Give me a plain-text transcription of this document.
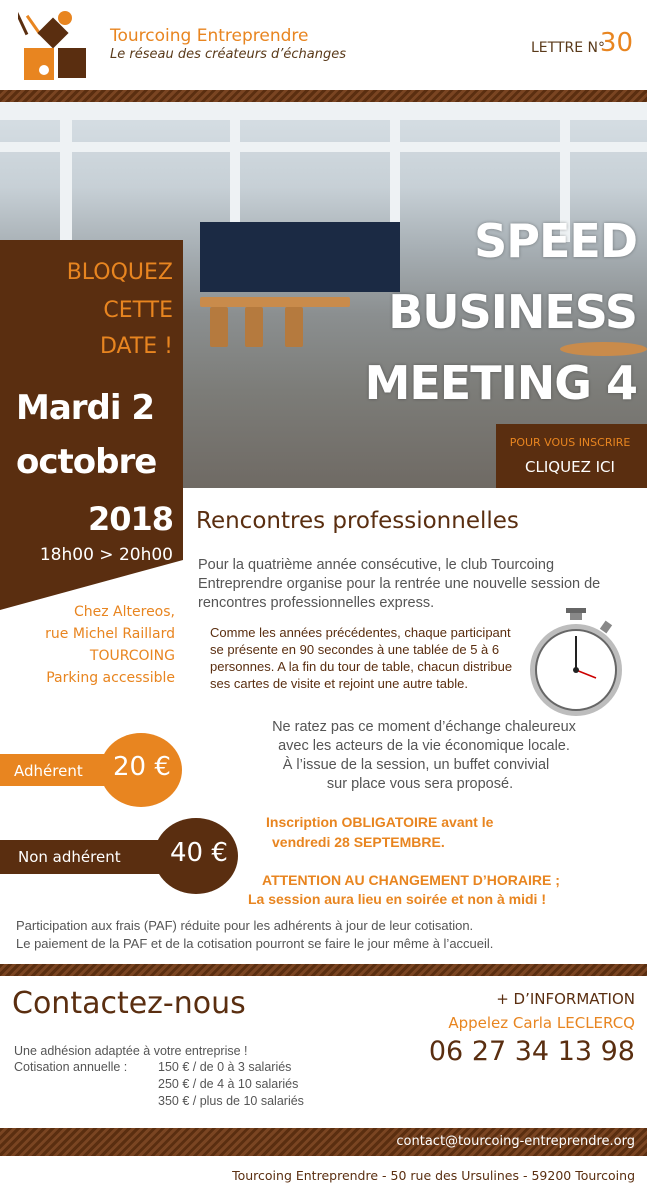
Tourcoing Entreprendre
Le réseau des créateurs d’échanges	LETTRE N°
30
SPEED
BUSINESS
MEETING 4
POUR VOUS INSCRIRE
CLIQUEZ ICI
BLOQUEZ
CETTE
DATE !
Mardi 2
octobre
2018
18h00 > 20h00
Chez Altereos,
rue Michel Raillard
TOURCOING
Parking accessible
Adhérent 20 €
Non adhérent 40 €
Rencontres professionnelles
Pour la quatrième année consécutive, le club Tourcoing Entreprendre organise pour la rentrée une nouvelle session de rencontres professionnelles express.
Comme les années précédentes, chaque participant se présente en 90 secondes à une tablée de 5 à 6 personnes. A la fin du tour de table, chacun distribue ses cartes de visite et rejoint une autre table.
Ne ratez pas ce moment d’échange chaleureux
avec les acteurs de la vie économique locale.
À l’issue de la session, un buffet convivial
sur place vous sera proposé.
Inscription OBLIGATOIRE avant le
vendredi 28 SEPTEMBRE.
ATTENTION AU CHANGEMENT D’HORAIRE ;
La session aura lieu en soirée et non à midi !
Participation aux frais (PAF) réduite pour les adhérents à jour de leur cotisation.
Le paiement de la PAF et de la cotisation pourront se faire le jour même à l’accueil.
Contactez-nous
Une adhésion adaptée à votre entreprise !
Cotisation annuelle : 150 € / de 0 à 3 salariés
250 € / de 4 à 10 salariés
350 € / plus de 10 salariés
+ D’INFORMATION
Appelez Carla LECLERCQ
06 27 34 13 98
contact@tourcoing-entreprendre.org
Tourcoing Entreprendre - 50 rue des Ursulines - 59200 Tourcoing
